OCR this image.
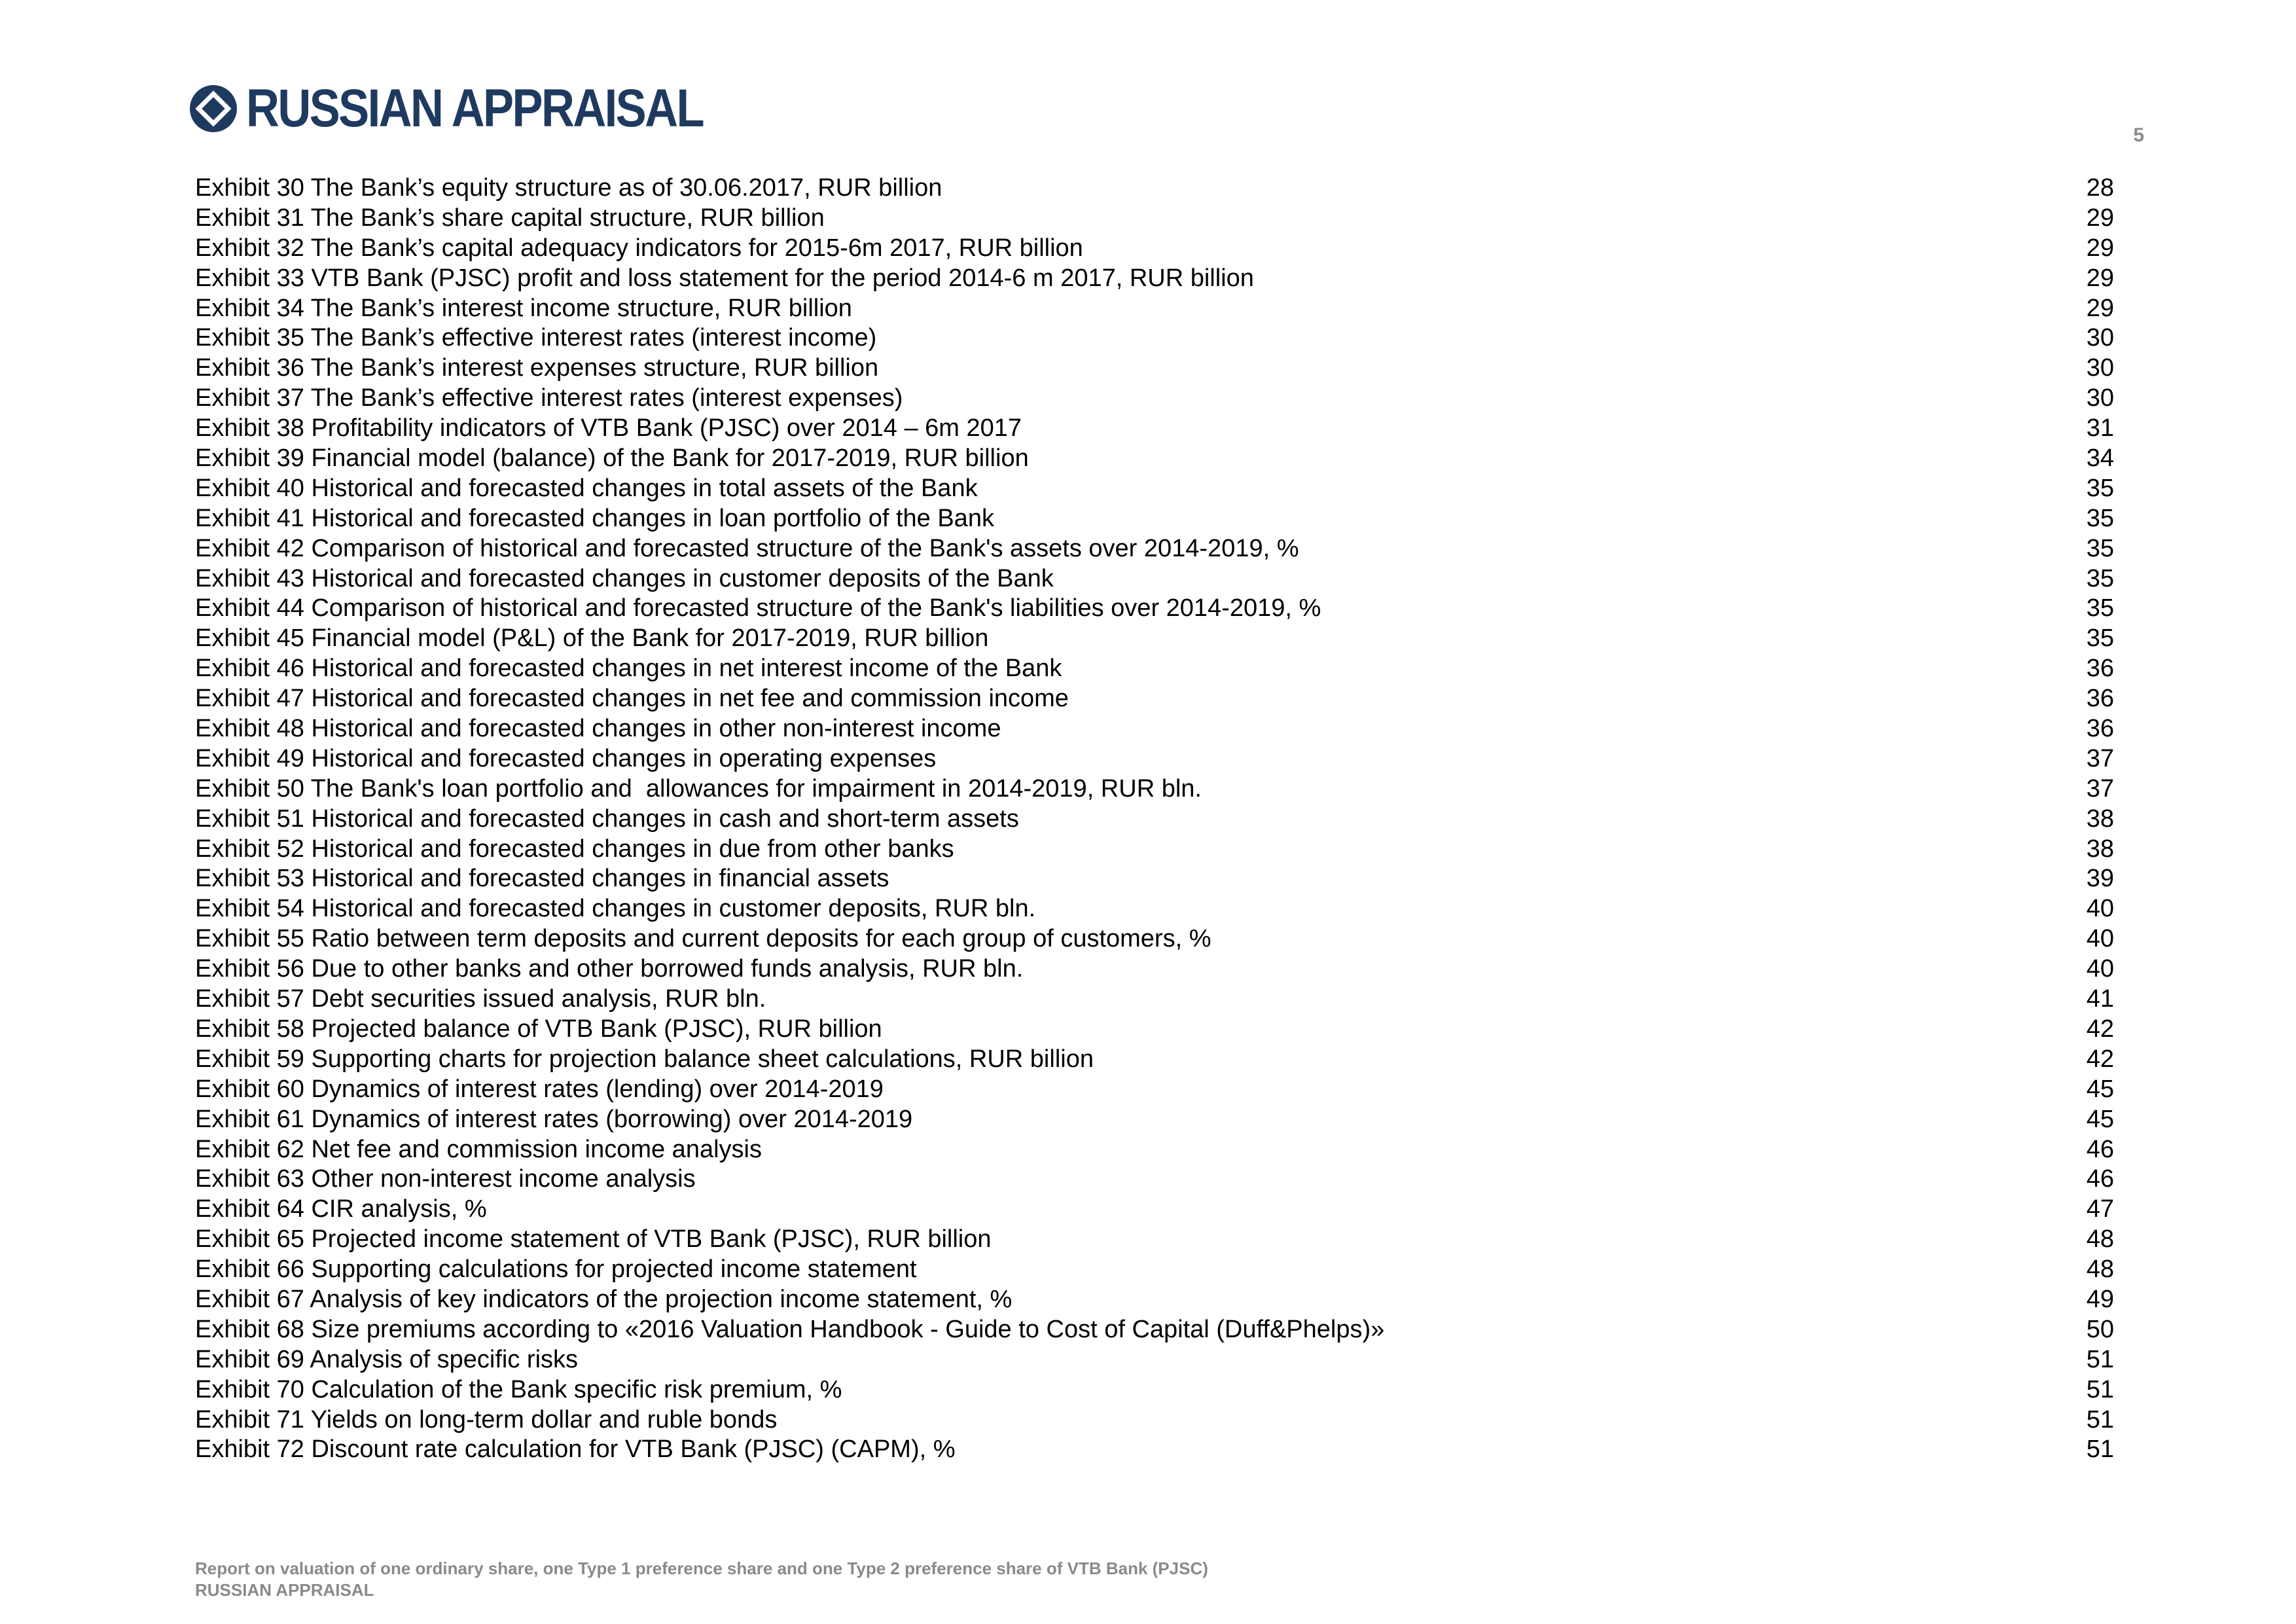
RUSSIAN APPRAISAL	5
Exhibit 30 The Bank’s equity structure as of 30.06.2017, RUR billion	28
Exhibit 31 The Bank’s share capital structure, RUR billion	29
Exhibit 32 The Bank’s capital adequacy indicators for 2015-6m 2017, RUR billion	29
Exhibit 33 VTB Bank (PJSC) profit and loss statement for the period 2014-6 m 2017, RUR billion	29
Exhibit 34 The Bank’s interest income structure, RUR billion	29
Exhibit 35 The Bank’s effective interest rates (interest income)	30
Exhibit 36 The Bank’s interest expenses structure, RUR billion	30
Exhibit 37 The Bank’s effective interest rates (interest expenses)	30
Exhibit 38 Profitability indicators of VTB Bank (PJSC) over 2014 – 6m 2017	31
Exhibit 39 Financial model (balance) of the Bank for 2017-2019, RUR billion	34
Exhibit 40 Historical and forecasted changes in total assets of the Bank	35
Exhibit 41 Historical and forecasted changes in loan portfolio of the Bank	35
Exhibit 42 Comparison of historical and forecasted structure of the Bank's assets over 2014-2019, %	35
Exhibit 43 Historical and forecasted changes in customer deposits of the Bank	35
Exhibit 44 Comparison of historical and forecasted structure of the Bank's liabilities over 2014-2019, %	35
Exhibit 45 Financial model (P&L) of the Bank for 2017-2019, RUR billion	35
Exhibit 46 Historical and forecasted changes in net interest income of the Bank	36
Exhibit 47 Historical and forecasted changes in net fee and commission income	36
Exhibit 48 Historical and forecasted changes in other non-interest income	36
Exhibit 49 Historical and forecasted changes in operating expenses	37
Exhibit 50 The Bank's loan portfolio and  allowances for impairment in 2014-2019, RUR bln.	37
Exhibit 51 Historical and forecasted changes in cash and short-term assets	38
Exhibit 52 Historical and forecasted changes in due from other banks	38
Exhibit 53 Historical and forecasted changes in financial assets	39
Exhibit 54 Historical and forecasted changes in customer deposits, RUR bln.	40
Exhibit 55 Ratio between term deposits and current deposits for each group of customers, %	40
Exhibit 56 Due to other banks and other borrowed funds analysis, RUR bln.	40
Exhibit 57 Debt securities issued analysis, RUR bln.	41
Exhibit 58 Projected balance of VTB Bank (PJSC), RUR billion	42
Exhibit 59 Supporting charts for projection balance sheet calculations, RUR billion	42
Exhibit 60 Dynamics of interest rates (lending) over 2014-2019	45
Exhibit 61 Dynamics of interest rates (borrowing) over 2014-2019	45
Exhibit 62 Net fee and commission income analysis	46
Exhibit 63 Other non-interest income analysis	46
Exhibit 64 CIR analysis, %	47
Exhibit 65 Projected income statement of VTB Bank (PJSC), RUR billion	48
Exhibit 66 Supporting calculations for projected income statement	48
Exhibit 67 Analysis of key indicators of the projection income statement, %	49
Exhibit 68 Size premiums according to «2016 Valuation Handbook - Guide to Cost of Capital (Duff&Phelps)»	50
Exhibit 69 Analysis of specific risks	51
Exhibit 70 Calculation of the Bank specific risk premium, %	51
Exhibit 71 Yields on long-term dollar and ruble bonds	51
Exhibit 72 Discount rate calculation for VTB Bank (PJSC) (CAPM), %	51
Report on valuation of one ordinary share, one Type 1 preference share and one Type 2 preference share of VTB Bank (PJSC)
RUSSIAN APPRAISAL
